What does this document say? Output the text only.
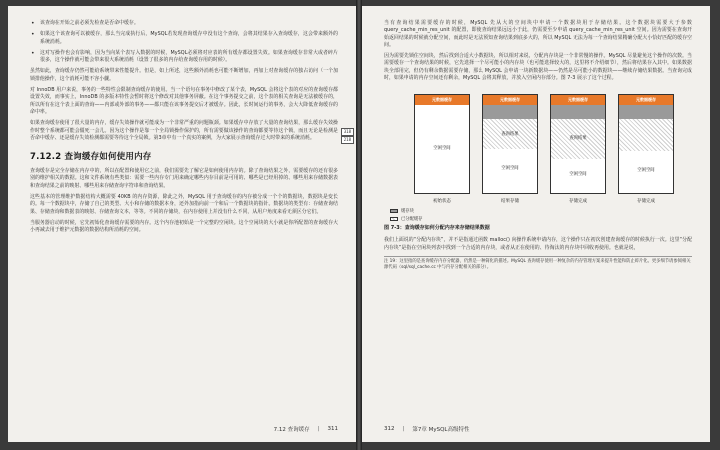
• 该查询在开始之前必须先检查是否命中缓存。
• 如果这个该查询可以被缓存，那么当完成执行后，MySQL若发现查询缓存中没有这个查询，会将其结果存入查询缓存，这会带来额外的系统消耗。
• 这对写操作也会有影响，因为当向某个表写入数据的时候，MySQL必须将对应表的所有缓存都设置失效。如果查询缓存非常大或者碎片很多，这个操作就可能会带来很大系统消耗（设置了很多的内存给查询缓存用的时候）。
虽然如此，查询缓存仍然可能给系统带来性能提升。但是，如上所述，这些额外消耗也可能不断增加，再加上对查询缓存的独占访问（一个加锁排他操作，这个消耗可能不容小觑。
对 InnoDB 用户来说，事务的一些特性会限制查询缓存的使用。当一个语句在事务中修改了某个表，MySQL 会将这个表的对应的查询缓存都设置失效，而事实上，InnoDB 的多版本特性会暂时将这个修改对其他事务屏蔽。在这个事务提交之前，这个表的相关查询是无法被缓存的，所以所有在这个表上面的查询——内部或外部的事务——都只能在该事务提交后才被缓存。因此，长时间运行的事务，会大大降低查询缓存的命中率。
如果查询缓存使用了很大量的内存，缓存失效操作就可能成为一个非常严重的问题瓶颈。如果缓存中存放了大量的查询结果，那么缓存失效操作时整个系统都可能会僵死一会儿。因为这个操作是靠一个全局锁操作保护的，所有需要做该操作的查询都要等待这个锁，而且无论是检测是否命中缓存、还是缓存失效检测都需要等待这个全局锁。第3章中有一个真实的案例，为大家展示查询缓存过大时带来的系统消耗。
7.12.2 查询缓存如何使用内存
查询缓存是完全存储在内存中的，所以在配置和使用它之前，我们需要先了解它是如何使用内存的。除了查询结果之外，需要缓存的还有很多别的维护相关的数据。这和文件系统有些类似：需要一些内存专门用来确定哪些内存目前是可用的、哪些是已经用掉的、哪些用来存储数据表和查询结果之前的映射、哪些用来存储查询字符串和查询结果。
这些基本的管理维护数据结构大概需要 40KB 的内存资源，除此之外，MySQL 用于查询缓存的内存被分成一个个的数据块，数据块是变长的。每一个数据块中，存储了自己的类型、大小和存储的数据本身，还外加指向前一个和后一个数据块的指针。数据块的类型有：存储查询结果、存储查询和数据表的映射、存储查询文本，等等。不同的存储块，在内存使用上并没有什么不同，从用户角度来看无须区分它们。
当服务器启动的时候，它先初始化查询缓存需要的内存。这个内存池初始是一个完整的空闲块。这个空闲块的大小就是你所配置的查询缓存大小再减去用于维护元数据的数据结构所消耗的空间。
318
218
7.12 查询缓存 | 311
当有查询结果需要缓存的时候，MySQL 先从大的空间块中申请一个数据块用于存储结果。这个数据块需要大于参数 query_cache_min_res_unit 的配置，即使查询结果远远小于此，仍需要至少申请 query_cache_min_res_unit 空间。因为需要在查询开始返回结果的时候就分配空间，而此时是无法预知查询结果到底多大的，所以 MySQL 无法为每一个查询结果精确分配大小恰好匹配的缓存空间。
因为需要先锁住空间块，然后找到合适大小数据块，所以相对来说，分配内存块是一个非常慢的操作。MySQL 尽量避免这个操作的次数。当需要缓存一个查询结果的时候，它先选择一个尽可能小的内存块（也可能选择较大的，这里将不介绍细节），然后将结果存入其中。如果数据块全部用完，但仍有剩余数据需要存储，那么 MySQL 会申请一块新数据块——仍然是尽可能小的数据块——继续存储结果数据。当查询完成时，如果申请的内存空间还有剩余，MySQL 会将其释放，并放入空闲内存部分。图 7-3 展示了这个过程。
元数据缓存
空闲空间
初始状态
元数据缓存
查询结果
空闲空间
结果存储
元数据缓存
查询结果
空闲空间
存储完成
元数据缓存
空闲空间
存储完成
缓存块
已分配缓存
图 7-3：查询缓存如何分配内存来存储结果数据
我们上面说的“分配内存块”，并不是指通过函数 malloc() 向操作系统申请内存，这个操作只在初次创建查询缓存的时候执行一次。这里“分配内存块”是指在空闲块列表中找到一个合适的内存块，或者从正在使用的、待淘汰的内存块中回收再使用。也就是说，
注 19：这里指的是查询缓存内存分配器，仍然是一种简化的描述。MySQL 查询缓存使用一种复杂的内存管理方案来提升性能和防止碎片化。更多细节请参阅相关源代码（sql/sql_cache.cc 中与内存分配相关的部分）。
312 | 第7章 MySQL高级特性
